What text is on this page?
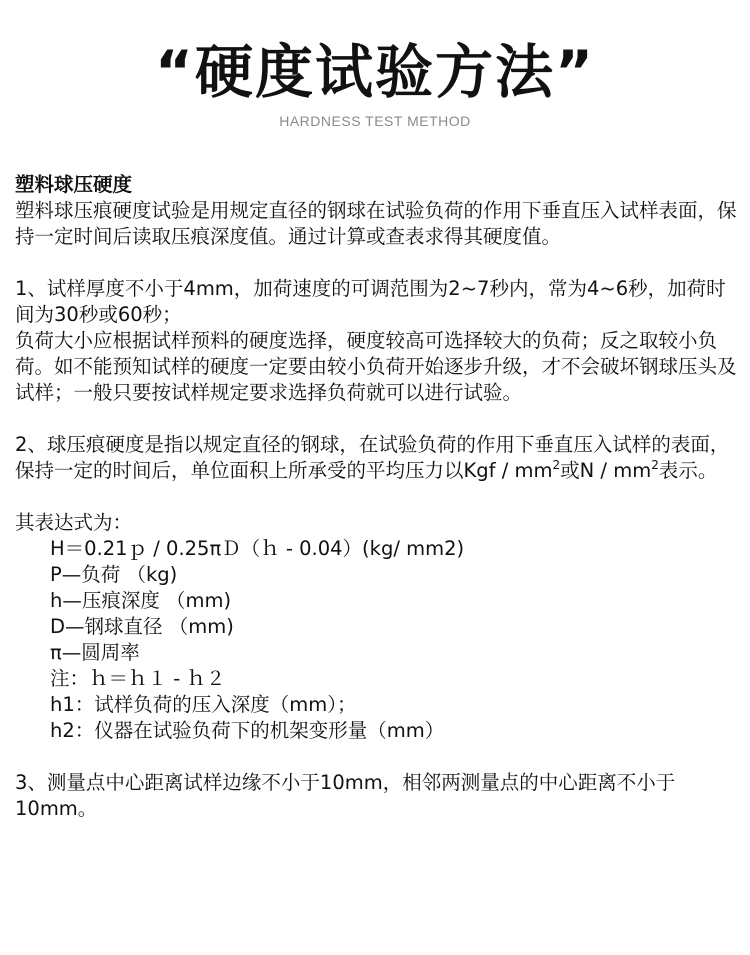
“硬度试验方法”
HARDNESS TEST METHOD

塑料球压硬度

塑料球压痕硬度试验是用规定直径的钢球在试验负荷的作用下垂直压入试样表面，保持一定时间后读取压痕深度值。通过计算或查表求得其硬度值。

1、试样厚度不小于4mm，加荷速度的可调范围为2~7秒内，常为4~6秒，加荷时间为30秒或60秒；

负荷大小应根据试样预料的硬度选择，硬度较高可选择较大的负荷；反之取较小负荷。如不能预知试样的硬度一定要由较小负荷开始逐步升级，才不会破坏钢球压头及试样；一般只要按试样规定要求选择负荷就可以进行试验。

2、球压痕硬度是指以规定直径的钢球，在试验负荷的作用下垂直压入试样的表面，保持一定的时间后，单位面积上所承受的平均压力以Kgf / $mm^2$或N / $mm^2$表示。

其表达式为：

H＝0.21ｐ / 0.25πＤ（ｈ - 0.04）(kg/ mm2)

P—负荷 （kg)

h—压痕深度 （mm)

D—钢球直径 （mm)

π—圆周率

注：ｈ＝ｈ１ - ｈ２

h1：试样负荷的压入深度（mm）；

h2：仪器在试验负荷下的机架变形量（mm）

3、测量点中心距离试样边缘不小于10mm，相邻两测量点的中心距离不小于10mm。
